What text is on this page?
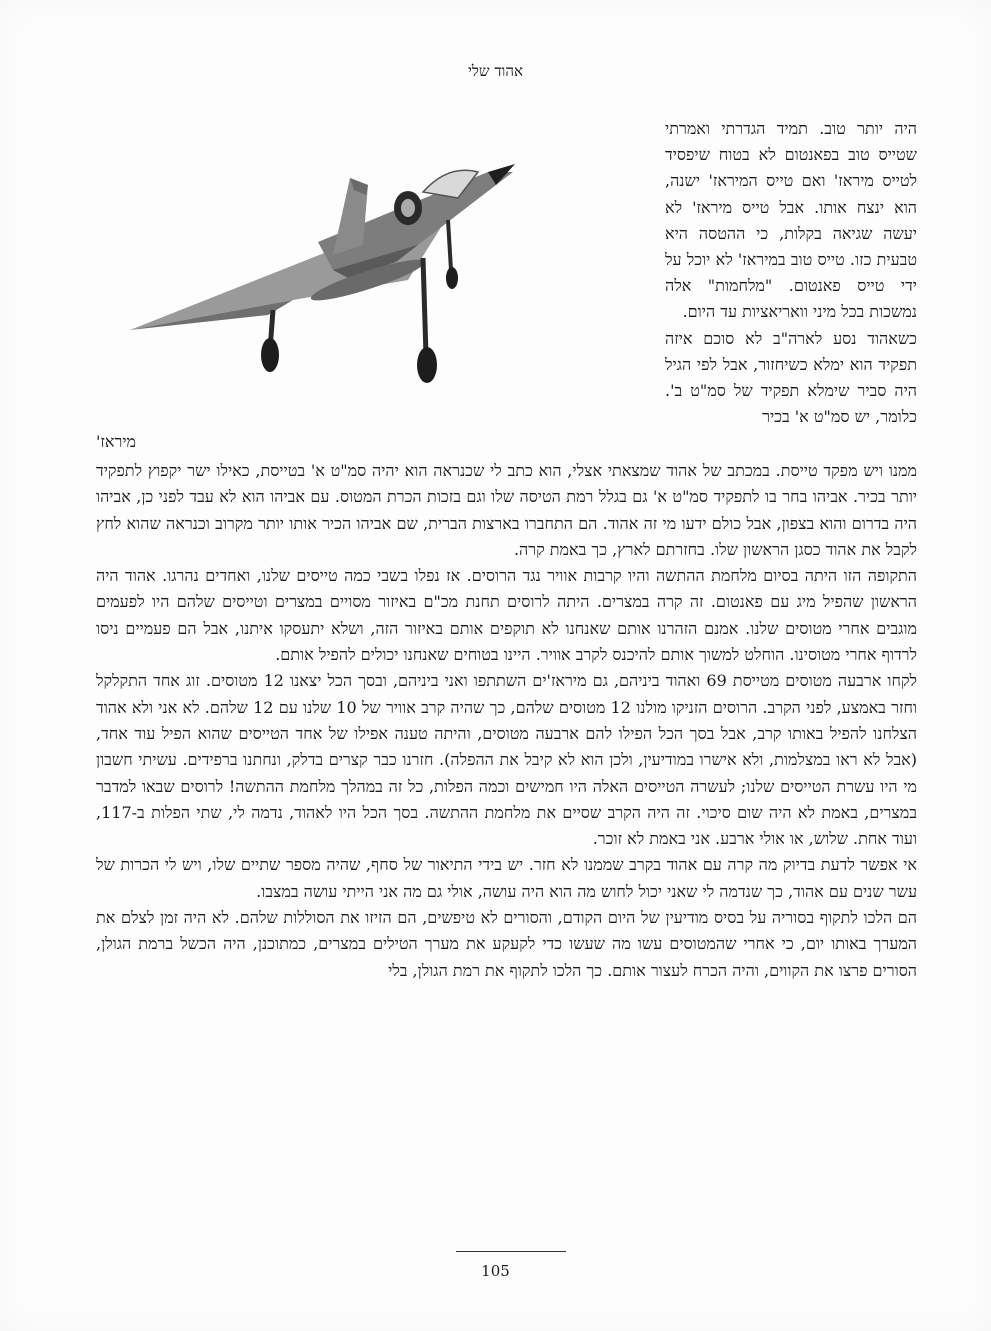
אהוד שלי
מיראז'

היה יותר טוב. תמיד הגדרתי ואמרתי שטייס טוב בפאנטום לא בטוח שיפסיד לטייס מיראז' ואם טייס המיראז' ישנה, הוא ינצח אותו. אבל טייס מיראז' לא יעשה שגיאה בקלות, כי ההטסה היא טבעית כזו. טייס טוב במיראז' לא יוכל על ידי טייס פאנטום. "מלחמות" אלה נמשכות בכל מיני וואריאציות עד היום.

כשאהוד נסע לארה"ב לא סוכם איזה תפקיד הוא ימלא כשיחזור, אבל לפי הגיל היה סביר שימלא תפקיד של סמ"ט ב'. כלומר, יש סמ"ט א' בכיר

ממנו ויש מפקד טייסת. במכתב של אהוד שמצאתי אצלי, הוא כתב לי שכנראה הוא יהיה סמ"ט א' בטייסת, כאילו ישר יקפוץ לתפקיד יותר בכיר. אביהו בחר בו לתפקיד סמ"ט א' גם בגלל רמת הטיסה שלו וגם בזכות הכרת המטוס. עם אביהו הוא לא עבד לפני כן, אביהו היה בדרום והוא בצפון, אבל כולם ידעו מי זה אהוד. הם התחברו בארצות הברית, שם אביהו הכיר אותו יותר מקרוב וכנראה שהוא לחץ לקבל את אהוד כסגן הראשון שלו. בחזרתם לארץ, כך באמת קרה.

התקופה הזו היתה בסיום מלחמת ההתשה והיו קרבות אוויר נגד הרוסים. אז נפלו בשבי כמה טייסים שלנו, ואחדים נהרגו. אהוד היה הראשון שהפיל מיג עם פאנטום. זה קרה במצרים. היתה לרוסים תחנת מכ"ם באיזור מסויים במצרים וטייסים שלהם היו לפעמים מוגבים אחרי מטוסים שלנו. אמנם הזהרנו אותם שאנחנו לא תוקפים אותם באיזור הזה, ושלא יתעסקו איתנו, אבל הם פעמיים ניסו לרדוף אחרי מטוסינו. הוחלט למשוך אותם להיכנס לקרב אוויר. היינו בטוחים שאנחנו יכולים להפיל אותם.

לקחו ארבעה מטוסים מטייסת 69 ואהוד ביניהם, גם מיראז'ים השתתפו ואני ביניהם, ובסך הכל יצאנו 12 מטוסים. זוג אחד התקלקל וחזר באמצע, לפני הקרב. הרוסים הזניקו מולנו 12 מטוסים שלהם, כך שהיה קרב אוויר של 10 שלנו עם 12 שלהם. לא אני ולא אהוד הצלחנו להפיל באותו קרב, אבל בסך הכל הפילו להם ארבעה מטוסים, והיתה טענה אפילו של אחד הטייסים שהוא הפיל עוד אחד, (אבל לא ראו במצלמות, ולא אישרו במודיעין, ולכן הוא לא קיבל את ההפלה). חזרנו כבר קצרים בדלק, ונחתנו ברפידים. עשיתי חשבון מי היו עשרת הטייסים שלנו; לעשרה הטייסים האלה היו חמישים וכמה הפלות, כל זה במהלך מלחמת ההתשה! לרוסים שבאו למדבר במצרים, באמת לא היה שום סיכוי. זה היה הקרב שסיים את מלחמת ההתשה. בסך הכל היו לאהוד, נדמה לי, שתי הפלות ב-117, ועוד אחת. שלוש, או אולי ארבע. אני באמת לא זוכר.

אי אפשר לדעת בדיוק מה קרה עם אהוד בקרב שממנו לא חזר. יש בידי התיאור של סחף, שהיה מספר שתיים שלו, ויש לי הכרות של עשר שנים עם אהוד, כך שנדמה לי שאני יכול לחוש מה הוא היה עושה, אולי גם מה אני הייתי עושה במצבו.

הם הלכו לתקוף בסוריה על בסיס מודיעין של היום הקודם, והסורים לא טיפשים, הם הזיזו את הסוללות שלהם. לא היה זמן לצלם את המערך באותו יום, כי אחרי שהמטוסים עשו מה שעשו כדי לקעקע את מערך הטילים במצרים, כמתוכנן, היה הכשל ברמת הגולן, הסורים פרצו את הקווים, והיה הכרח לעצור אותם. כך הלכו לתקוף את רמת הגולן, בלי

105
